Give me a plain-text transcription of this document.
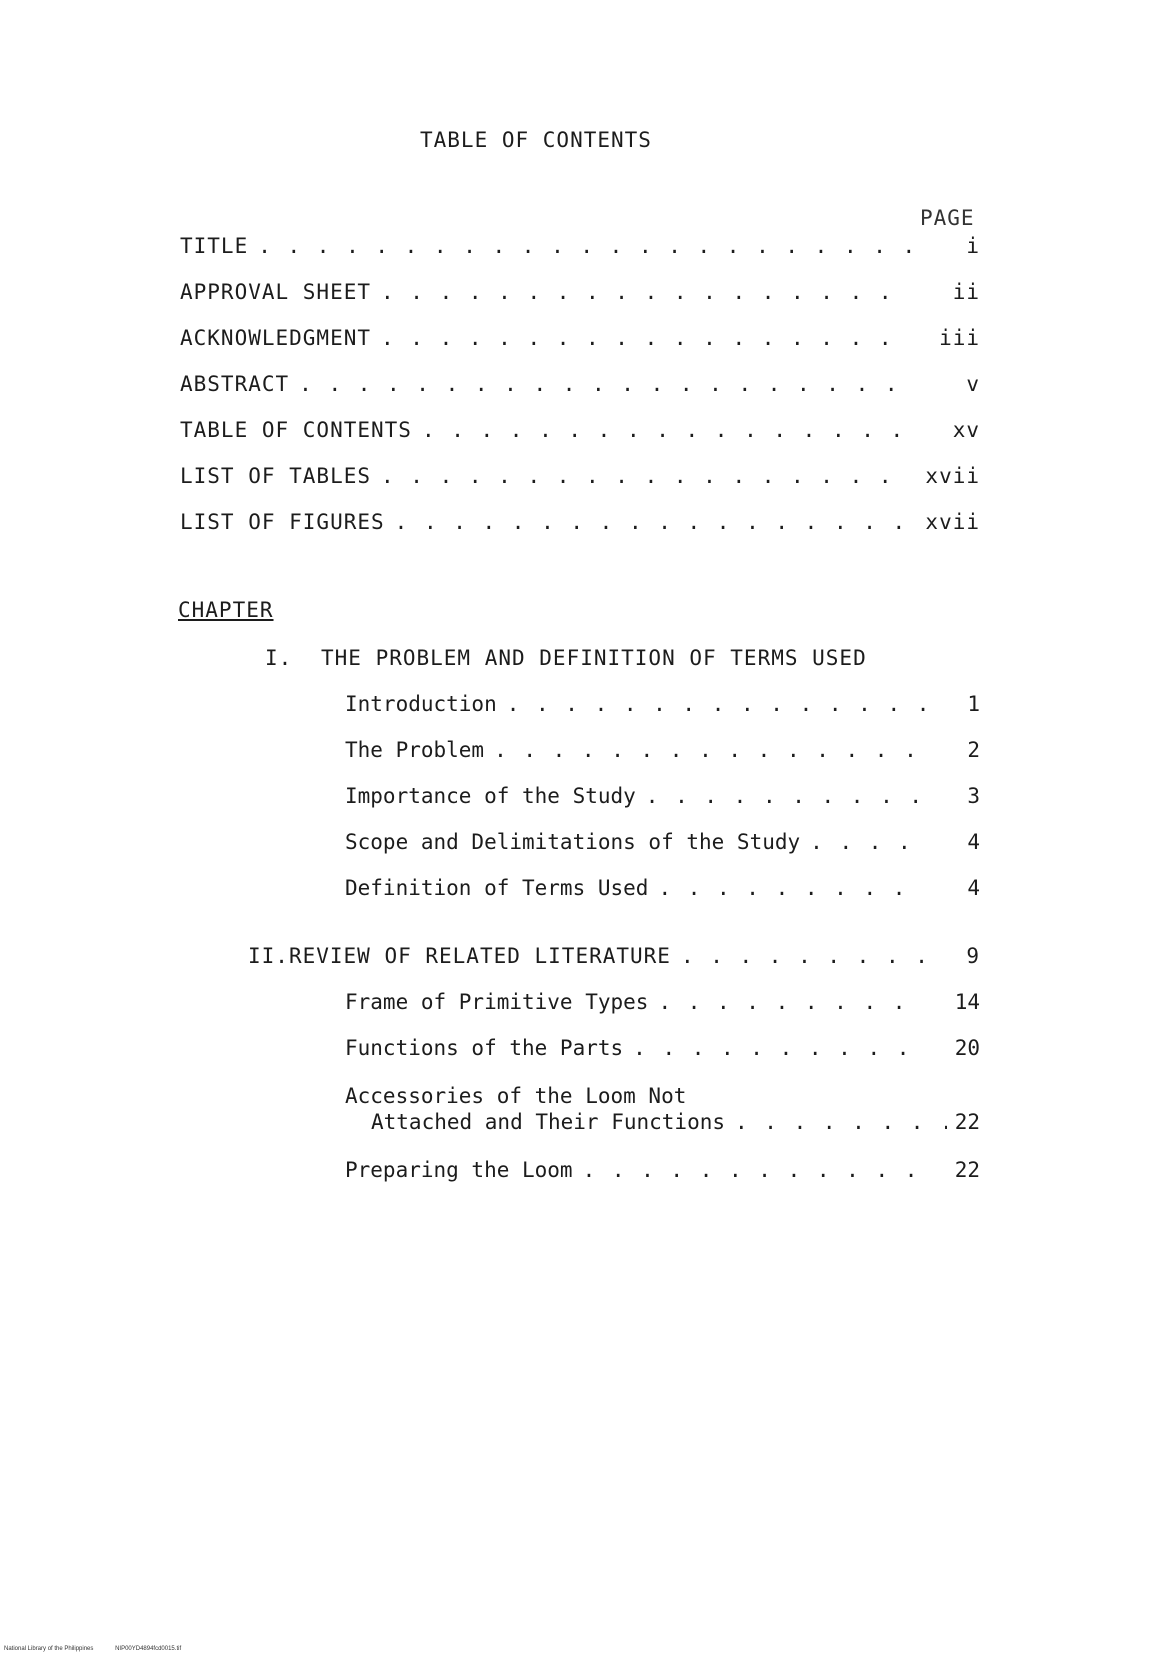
TABLE OF CONTENTS
PAGE
TITLE . . .	i
APPROVAL SHEET . . .	ii
ACKNOWLEDGMENT . . .	iii
ABSTRACT . . .	v
TABLE OF CONTENTS . . .	xv
LIST OF TABLES . . .	xvii
LIST OF FIGURES . . .	xvii
CHAPTER
I. THE PROBLEM AND DEFINITION OF TERMS USED
Introduction . . .	1
The Problem . . .	2
Importance of the Study . . .	3
Scope and Delimitations of the Study . . .	4
Definition of Terms Used . . .	4
II. REVIEW OF RELATED LITERATURE . . .	9
Frame of Primitive Types . . .	14
Functions of the Parts . . .	20
Accessories of the Loom Not
Attached and Their Functions . . .	22
Preparing the Loom . . .	22
National Library of the Philippines	NIP00YD4894fcd0015.tif
